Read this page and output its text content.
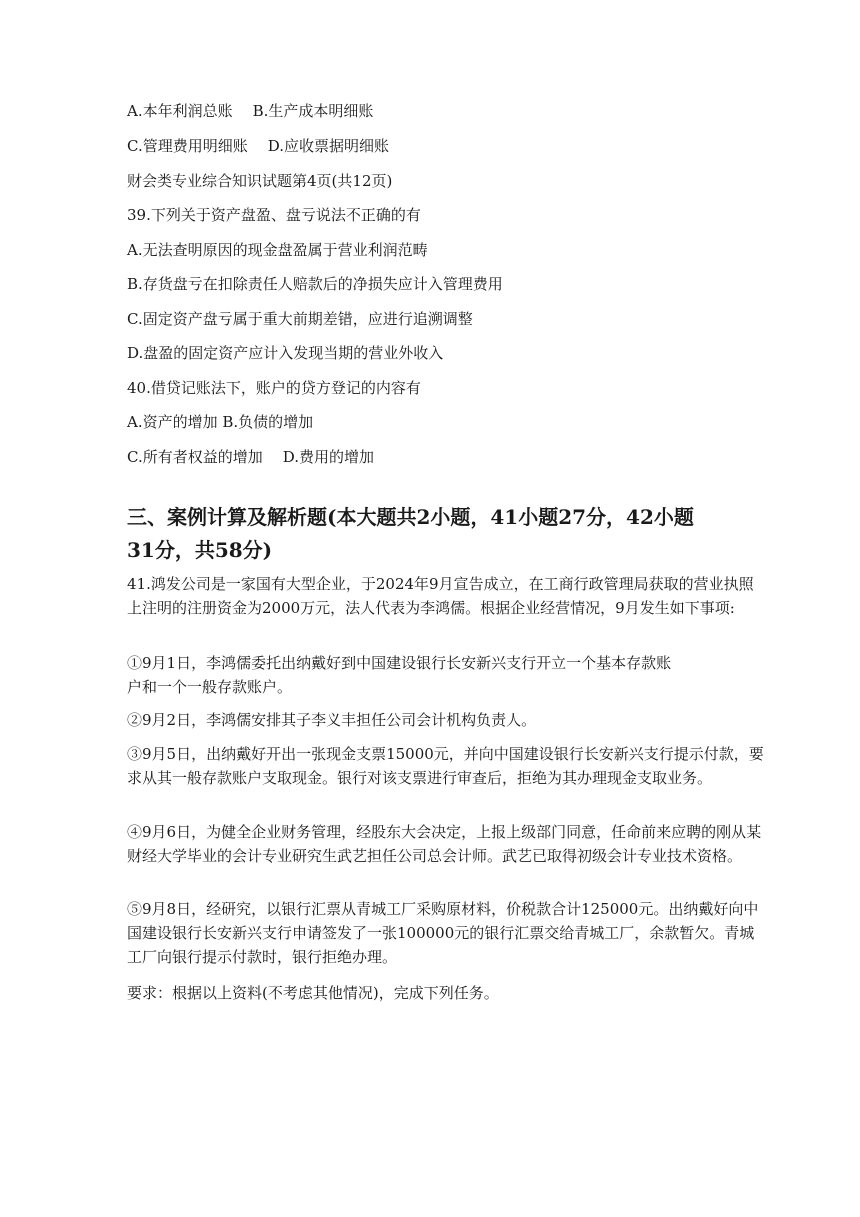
A.本年利润总账 B.生产成本明细账
C.管理费用明细账 D.应收票据明细账
财会类专业综合知识试题第4页(共12页)
39.下列关于资产盘盈、盘亏说法不正确的有
A.无法查明原因的现金盘盈属于营业利润范畴
B.存货盘亏在扣除责任人赔款后的净损失应计入管理费用
C.固定资产盘亏属于重大前期差错，应进行追溯调整
D.盘盈的固定资产应计入发现当期的营业外收入
40.借贷记账法下，账户的贷方登记的内容有
A.资产的增加 B.负债的增加
C.所有者权益的增加 D.费用的增加
三、案例计算及解析题(本大题共2小题，41小题27分，42小题
31分，共58分)
41.鸿发公司是一家国有大型企业，于2024年9月宣告成立，在工商行政管理局获取的营业执照上注明的注册资金为2000万元，法人代表为李鸿儒。根据企业经营情况，9月发生如下事项:
①9月1日，李鸿儒委托出纳戴好到中国建设银行长安新兴支行开立一个基本存款账
户和一个一般存款账户。
②9月2日，李鸿儒安排其子李义丰担任公司会计机构负责人。
③9月5日，出纳戴好开出一张现金支票15000元，并向中国建设银行长安新兴支行提示付款，要求从其一般存款账户支取现金。银行对该支票进行审查后，拒绝为其办理现金支取业务。
④9月6日，为健全企业财务管理，经股东大会决定，上报上级部门同意，任命前来应聘的刚从某财经大学毕业的会计专业研究生武艺担任公司总会计师。武艺已取得初级会计专业技术资格。
⑤9月8日，经研究，以银行汇票从青城工厂采购原材料，价税款合计125000元。出纳戴好向中国建设银行长安新兴支行申请签发了一张100000元的银行汇票交给青城工厂，余款暂欠。青城工厂向银行提示付款时，银行拒绝办理。
要求：根据以上资料(不考虑其他情况)，完成下列任务。
